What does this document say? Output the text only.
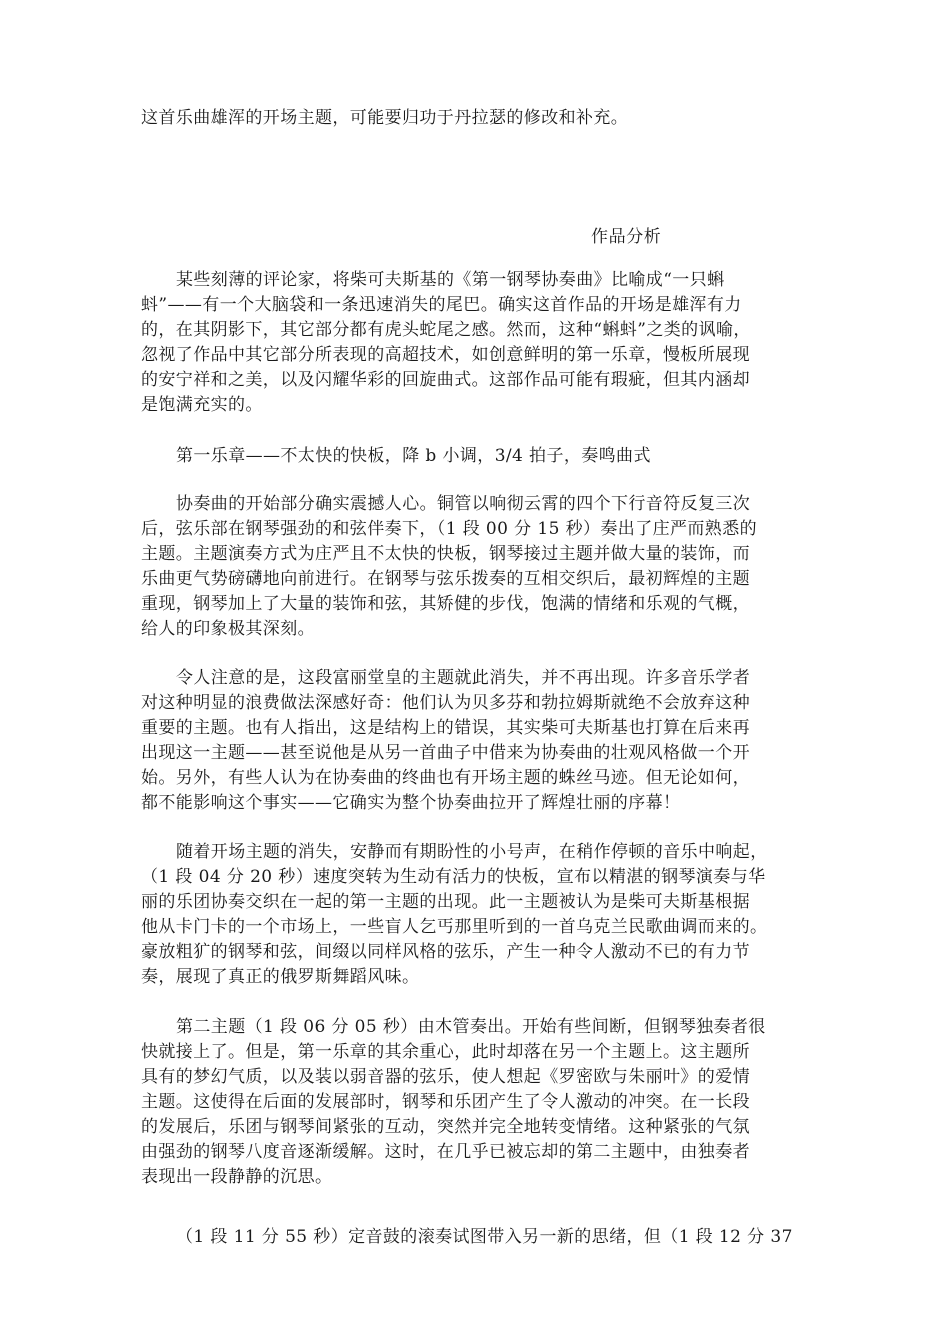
这首乐曲雄浑的开场主题，可能要归功于丹拉瑟的修改和补充。
作品分析
某些刻薄的评论家，将柴可夫斯基的《第一钢琴协奏曲》比喻成“一只蝌
蚪”——有一个大脑袋和一条迅速消失的尾巴。确实这首作品的开场是雄浑有力
的，在其阴影下，其它部分都有虎头蛇尾之感。然而，这种“蝌蚪”之类的讽喻，
忽视了作品中其它部分所表现的高超技术，如创意鲜明的第一乐章，慢板所展现
的安宁祥和之美，以及闪耀华彩的回旋曲式。这部作品可能有瑕疵，但其内涵却
是饱满充实的。
第一乐章——不太快的快板，降 b 小调，3/4 拍子，奏鸣曲式
协奏曲的开始部分确实震撼人心。铜管以响彻云霄的四个下行音符反复三次
后，弦乐部在钢琴强劲的和弦伴奏下，（1 段 00 分 15 秒）奏出了庄严而熟悉的
主题。主题演奏方式为庄严且不太快的快板，钢琴接过主题并做大量的装饰，而
乐曲更气势磅礴地向前进行。在钢琴与弦乐拨奏的互相交织后，最初辉煌的主题
重现，钢琴加上了大量的装饰和弦，其矫健的步伐，饱满的情绪和乐观的气概，
给人的印象极其深刻。
令人注意的是，这段富丽堂皇的主题就此消失，并不再出现。许多音乐学者
对这种明显的浪费做法深感好奇：他们认为贝多芬和勃拉姆斯就绝不会放弃这种
重要的主题。也有人指出，这是结构上的错误，其实柴可夫斯基也打算在后来再
出现这一主题——甚至说他是从另一首曲子中借来为协奏曲的壮观风格做一个开
始。另外，有些人认为在协奏曲的终曲也有开场主题的蛛丝马迹。但无论如何，
都不能影响这个事实——它确实为整个协奏曲拉开了辉煌壮丽的序幕！
随着开场主题的消失，安静而有期盼性的小号声，在稍作停顿的音乐中响起，
（1 段 04 分 20 秒）速度突转为生动有活力的快板，宣布以精湛的钢琴演奏与华
丽的乐团协奏交织在一起的第一主题的出现。此一主题被认为是柴可夫斯基根据
他从卡门卡的一个市场上，一些盲人乞丐那里听到的一首乌克兰民歌曲调而来的。
豪放粗犷的钢琴和弦，间缀以同样风格的弦乐，产生一种令人激动不已的有力节
奏，展现了真正的俄罗斯舞蹈风味。
第二主题（1 段 06 分 05 秒）由木管奏出。开始有些间断，但钢琴独奏者很
快就接上了。但是，第一乐章的其余重心，此时却落在另一个主题上。这主题所
具有的梦幻气质，以及装以弱音器的弦乐，使人想起《罗密欧与朱丽叶》的爱情
主题。这使得在后面的发展部时，钢琴和乐团产生了令人激动的冲突。在一长段
的发展后，乐团与钢琴间紧张的互动，突然并完全地转变情绪。这种紧张的气氛
由强劲的钢琴八度音逐渐缓解。这时，在几乎已被忘却的第二主题中，由独奏者
表现出一段静静的沉思。
（1 段 11 分 55 秒）定音鼓的滚奏试图带入另一新的思绪，但（1 段 12 分 37
